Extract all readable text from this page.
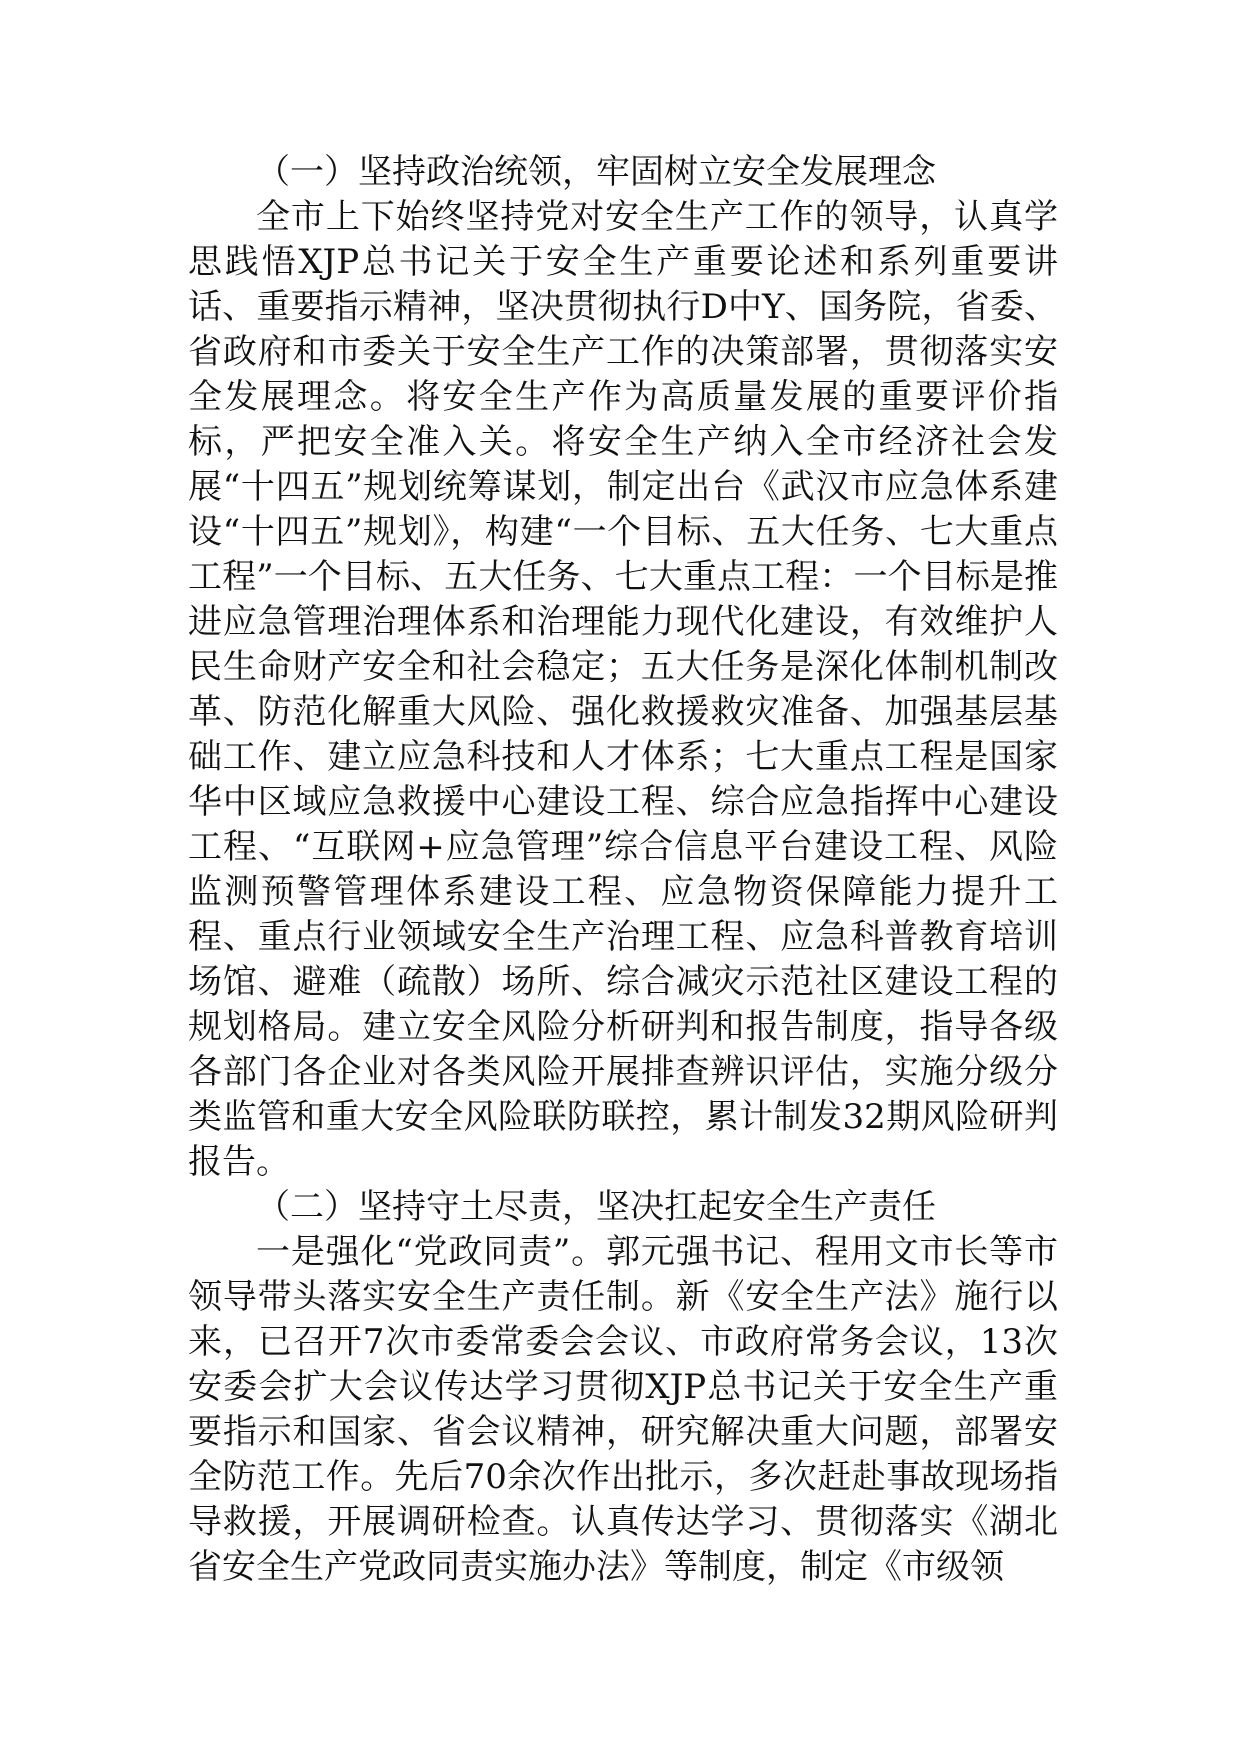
（一）坚持政治统领，牢固树立安全发展理念

全市上下始终坚持党对安全生产工作的领导，认真学思践悟XJP总书记关于安全生产重要论述和系列重要讲话、重要指示精神，坚决贯彻执行D中Y、国务院，省委、省政府和市委关于安全生产工作的决策部署，贯彻落实安全发展理念。将安全生产作为高质量发展的重要评价指标，严把安全准入关。将安全生产纳入全市经济社会发展“十四五”规划统筹谋划，制定出台《武汉市应急体系建设“十四五”规划》，构建“一个目标、五大任务、七大重点工程”一个目标、五大任务、七大重点工程：一个目标是推进应急管理治理体系和治理能力现代化建设，有效维护人民生命财产安全和社会稳定；五大任务是深化体制机制改革、防范化解重大风险、强化救援救灾准备、加强基层基础工作、建立应急科技和人才体系；七大重点工程是国家华中区域应急救援中心建设工程、综合应急指挥中心建设工程、“互联网+应急管理”综合信息平台建设工程、风险监测预警管理体系建设工程、应急物资保障能力提升工程、重点行业领域安全生产治理工程、应急科普教育培训场馆、避难（疏散）场所、综合减灾示范社区建设工程的规划格局。建立安全风险分析研判和报告制度，指导各级各部门各企业对各类风险开展排查辨识评估，实施分级分类监管和重大安全风险联防联控，累计制发32期风险研判报告。

（二）坚持守土尽责，坚决扛起安全生产责任

一是强化“党政同责”。郭元强书记、程用文市长等市领导带头落实安全生产责任制。新《安全生产法》施行以来，已召开7次市委常委会会议、市政府常务会议，13次安委会扩大会议传达学习贯彻XJP总书记关于安全生产重要指示和国家、省会议精神，研究解决重大问题，部署安全防范工作。先后70余次作出批示，多次赶赴事故现场指导救援，开展调研检查。认真传达学习、贯彻落实《湖北省安全生产党政同责实施办法》等制度，制定《市级领
